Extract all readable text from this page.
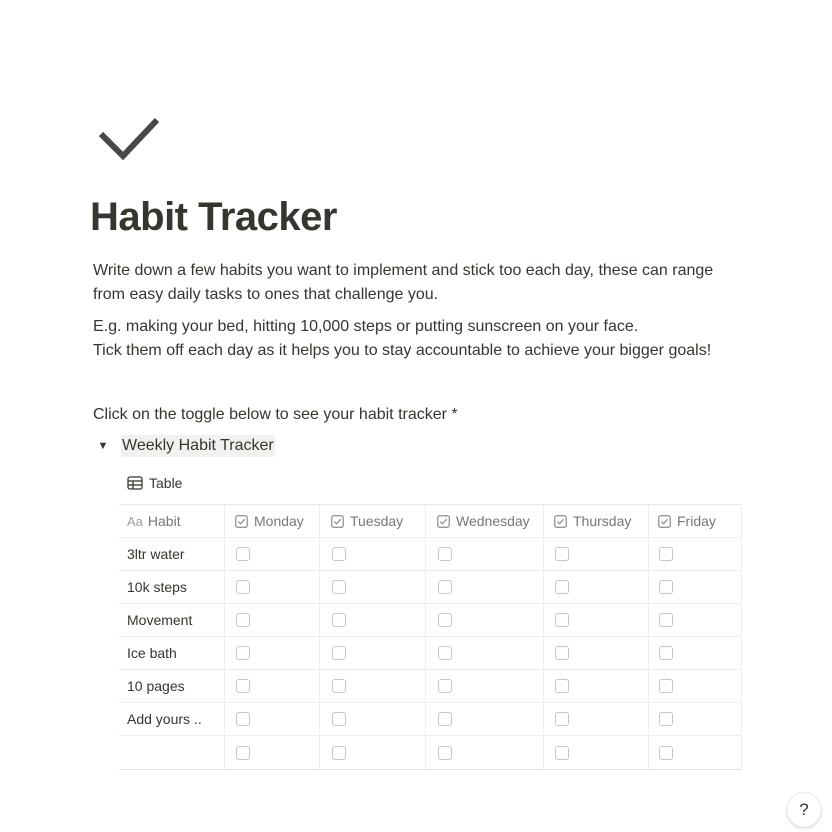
Habit Tracker

Write down a few habits you want to implement and stick too each day, these can range
from easy daily tasks to ones that challenge you.

E.g. making your bed, hitting 10,000 steps or putting sunscreen on your face.
Tick them off each day as it helps you to stay accountable to achieve your bigger goals!

Click on the toggle below to see your habit tracker *

▼ Weekly Habit Tracker
Table
Aa Habit	Monday	Tuesday	Wednesday	Thursday	Friday
3ltr water
10k steps
Movement
Ice bath
10 pages
Add yours ..
?
